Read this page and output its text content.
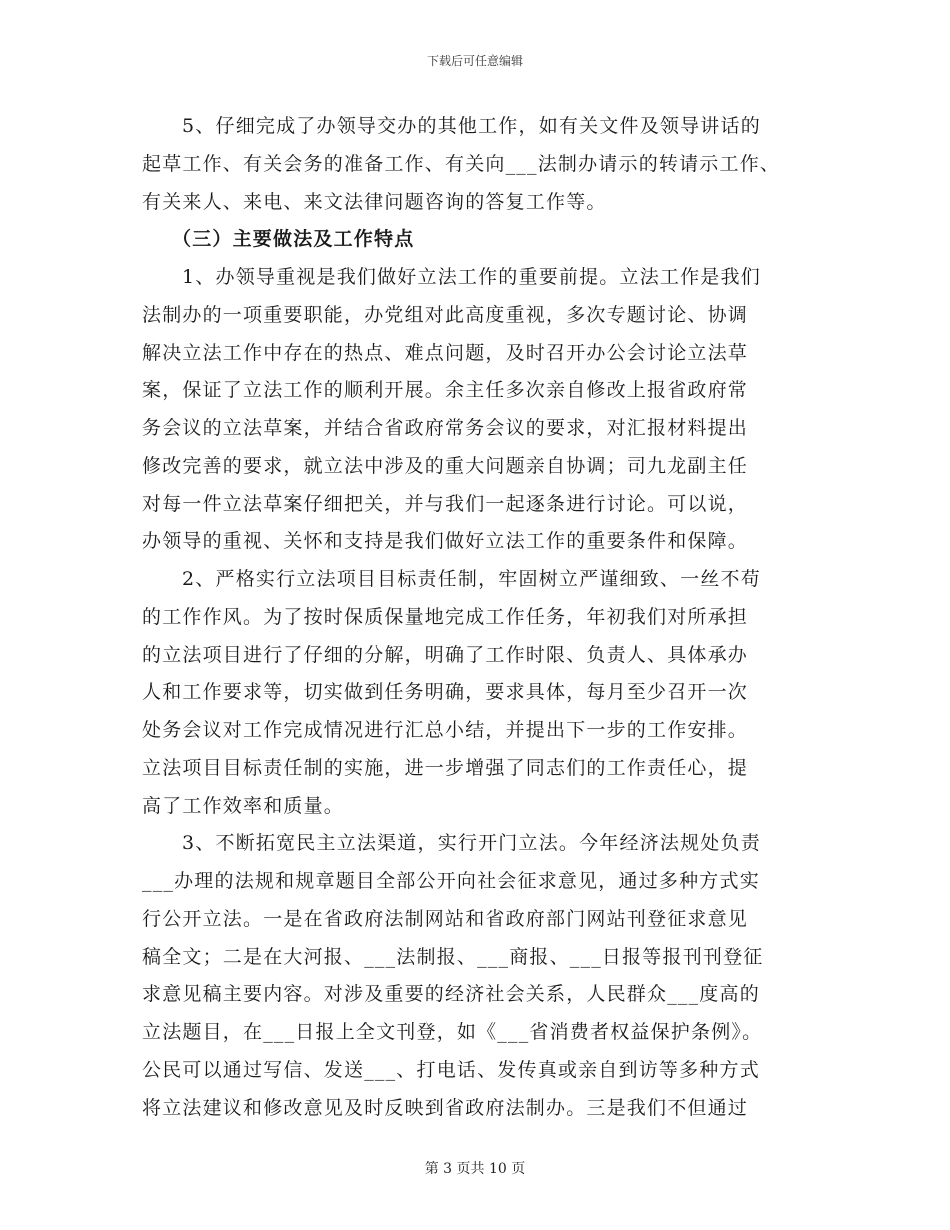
下载后可任意编辑
5、仔细完成了办领导交办的其他工作，如有关文件及领导讲话的
起草工作、有关会务的准备工作、有关向___法制办请示的转请示工作、
有关来人、来电、来文法律问题咨询的答复工作等。
（三）主要做法及工作特点
1、办领导重视是我们做好立法工作的重要前提。立法工作是我们
法制办的一项重要职能，办党组对此高度重视，多次专题讨论、协调
解决立法工作中存在的热点、难点问题，及时召开办公会讨论立法草
案，保证了立法工作的顺利开展。余主任多次亲自修改上报省政府常
务会议的立法草案，并结合省政府常务会议的要求，对汇报材料提出
修改完善的要求，就立法中涉及的重大问题亲自协调；司九龙副主任
对每一件立法草案仔细把关，并与我们一起逐条进行讨论。可以说，
办领导的重视、关怀和支持是我们做好立法工作的重要条件和保障。
2、严格实行立法项目目标责任制，牢固树立严谨细致、一丝不苟
的工作作风。为了按时保质保量地完成工作任务，年初我们对所承担
的立法项目进行了仔细的分解，明确了工作时限、负责人、具体承办
人和工作要求等，切实做到任务明确，要求具体，每月至少召开一次
处务会议对工作完成情况进行汇总小结，并提出下一步的工作安排。
立法项目目标责任制的实施，进一步增强了同志们的工作责任心，提
高了工作效率和质量。
3、不断拓宽民主立法渠道，实行开门立法。今年经济法规处负责
___办理的法规和规章题目全部公开向社会征求意见，通过多种方式实
行公开立法。一是在省政府法制网站和省政府部门网站刊登征求意见
稿全文；二是在大河报、___法制报、___商报、___日报等报刊刊登征
求意见稿主要内容。对涉及重要的经济社会关系，人民群众___度高的
立法题目，在___日报上全文刊登，如《___省消费者权益保护条例》。
公民可以通过写信、发送___、打电话、发传真或亲自到访等多种方式
将立法建议和修改意见及时反映到省政府法制办。三是我们不但通过
第 3 页共 10 页
